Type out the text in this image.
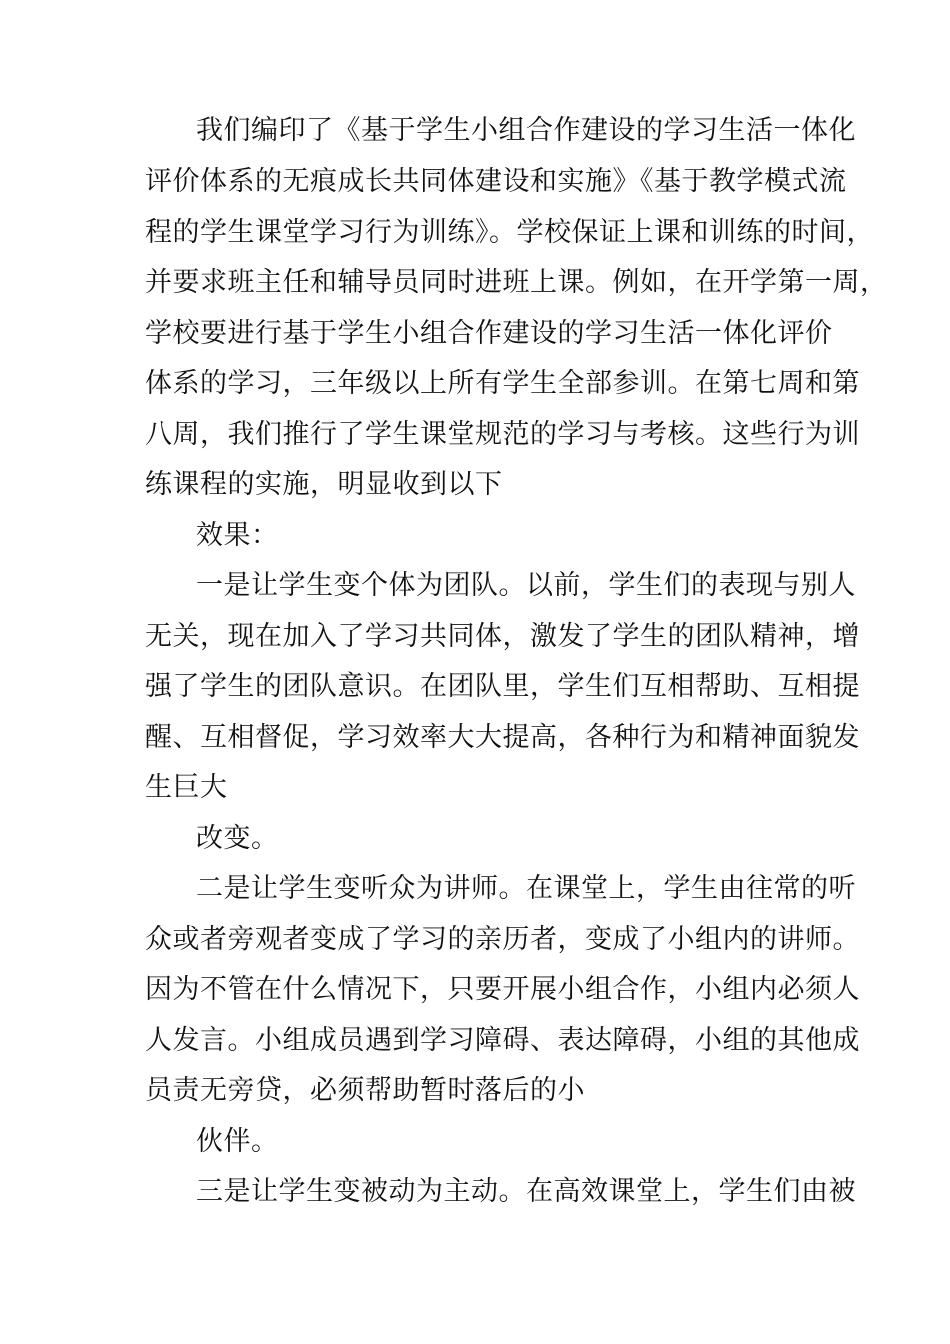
我们编印了《基于学生小组合作建设的学习生活一体化
评价体系的无痕成长共同体建设和实施》《基于教学模式流
程的学生课堂学习行为训练》。学校保证上课和训练的时间，
并要求班主任和辅导员同时进班上课。例如，在开学第一周，
学校要进行基于学生小组合作建设的学习生活一体化评价
体系的学习，三年级以上所有学生全部参训。在第七周和第
八周，我们推行了学生课堂规范的学习与考核。这些行为训
练课程的实施，明显收到以下
效果：
一是让学生变个体为团队。以前，学生们的表现与别人
无关，现在加入了学习共同体，激发了学生的团队精神，增
强了学生的团队意识。在团队里，学生们互相帮助、互相提
醒、互相督促，学习效率大大提高，各种行为和精神面貌发
生巨大
改变。
二是让学生变听众为讲师。在课堂上，学生由往常的听
众或者旁观者变成了学习的亲历者，变成了小组内的讲师。
因为不管在什么情况下，只要开展小组合作，小组内必须人
人发言。小组成员遇到学习障碍、表达障碍，小组的其他成
员责无旁贷，必须帮助暂时落后的小
伙伴。
三是让学生变被动为主动。在高效课堂上，学生们由被
